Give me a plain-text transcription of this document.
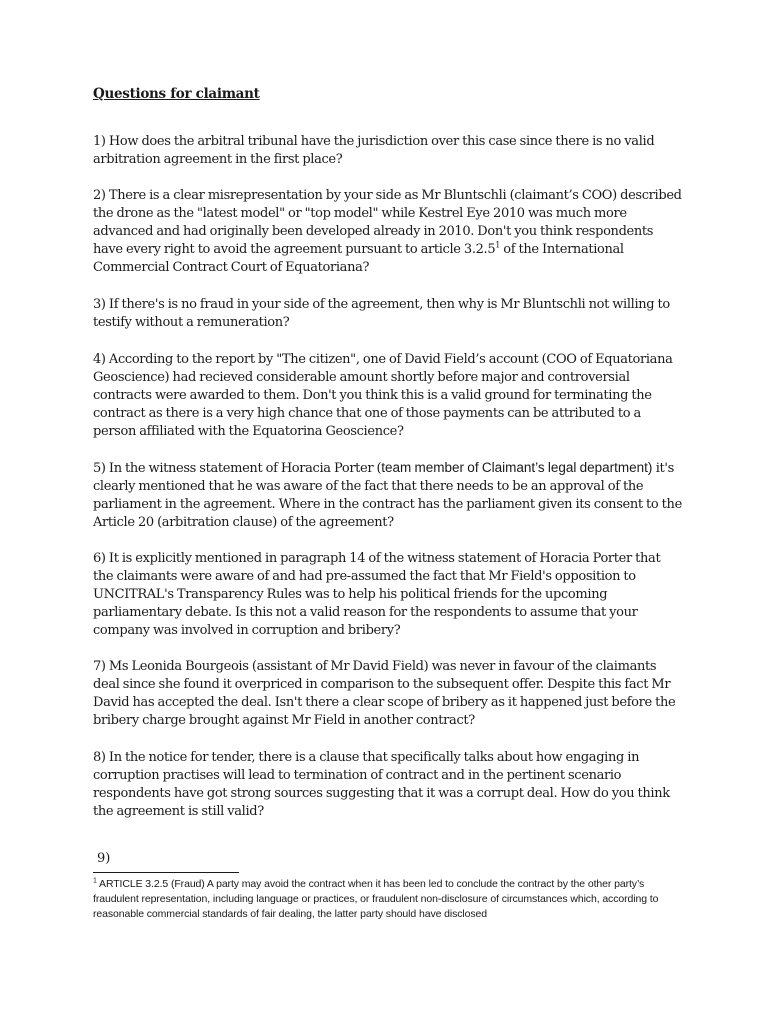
Questions for claimant

1) How does the arbitral tribunal have the jurisdiction over this case since there is no valid arbitration agreement in the first place?

2) There is a clear misrepresentation by your side as Mr Bluntschli (claimant’s COO) described the drone as the "latest model" or "top model" while Kestrel Eye 2010 was much more advanced and had originally been developed already in 2010. Don't you think respondents have every right to avoid the agreement pursuant to article 3.2.5$^1$ of the International Commercial Contract Court of Equatoriana?

3) If there's is no fraud in your side of the agreement, then why is Mr Bluntschli not willing to testify without a remuneration?

4) According to the report by "The citizen", one of David Field’s account (COO of Equatoriana Geoscience) had recieved considerable amount shortly before major and controversial contracts were awarded to them. Don't you think this is a valid ground for terminating the contract as there is a very high chance that one of those payments can be attributed to a person affiliated with the Equatorina Geoscience?

5) In the witness statement of Horacia Porter (team member of Claimant’s legal department) it's clearly mentioned that he was aware of the fact that there needs to be an approval of the parliament in the agreement. Where in the contract has the parliament given its consent to the Article 20 (arbitration clause) of the agreement?

6) It is explicitly mentioned in paragraph 14 of the witness statement of Horacia Porter that the claimants were aware of and had pre-assumed the fact that Mr Field's opposition to UNCITRAL's Transparency Rules was to help his political friends for the upcoming parliamentary debate. Is this not a valid reason for the respondents to assume that your company was involved in corruption and bribery?

7) Ms Leonida Bourgeois (assistant of Mr David Field) was never in favour of the claimants deal since she found it overpriced in comparison to the subsequent offer. Despite this fact Mr David has accepted the deal. Isn't there a clear scope of bribery as it happened just before the bribery charge brought against Mr Field in another contract?

8) In the notice for tender, there is a clause that specifically talks about how engaging in corruption practises will lead to termination of contract and in the pertinent scenario respondents have got strong sources suggesting that it was a corrupt deal. How do you think the agreement is still valid?

9)

$^1$ ARTICLE 3.2.5 (Fraud) A party may avoid the contract when it has been led to conclude the contract by the other party’s fraudulent representation, including language or practices, or fraudulent non-disclosure of circumstances which, according to reasonable commercial standards of fair dealing, the latter party should have disclosed
